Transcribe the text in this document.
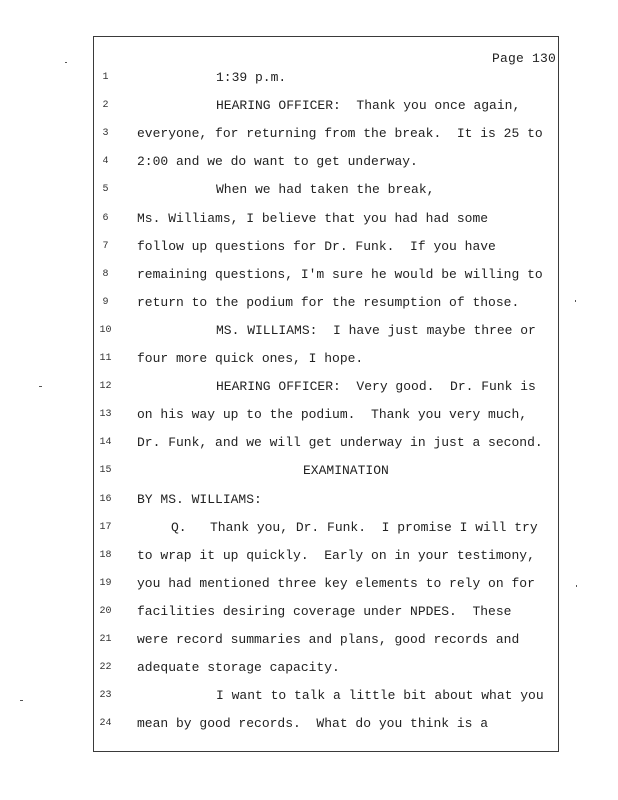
Page 130
1	1:39 p.m.
2	HEARING OFFICER:  Thank you once again,
3	everyone, for returning from the break.  It is 25 to
4	2:00 and we do want to get underway.
5	When we had taken the break,
6	Ms. Williams, I believe that you had had some
7	follow up questions for Dr. Funk.  If you have
8	remaining questions, I'm sure he would be willing to
9	return to the podium for the resumption of those.
10	MS. WILLIAMS:  I have just maybe three or
11	four more quick ones, I hope.
12	HEARING OFFICER:  Very good.  Dr. Funk is
13	on his way up to the podium.  Thank you very much,
14	Dr. Funk, and we will get underway in just a second.
15	EXAMINATION
16	BY MS. WILLIAMS:
17	Q.   Thank you, Dr. Funk.  I promise I will try
18	to wrap it up quickly.  Early on in your testimony,
19	you had mentioned three key elements to rely on for
20	facilities desiring coverage under NPDES.  These
21	were record summaries and plans, good records and
22	adequate storage capacity.
23	I want to talk a little bit about what you
24	mean by good records.  What do you think is a
